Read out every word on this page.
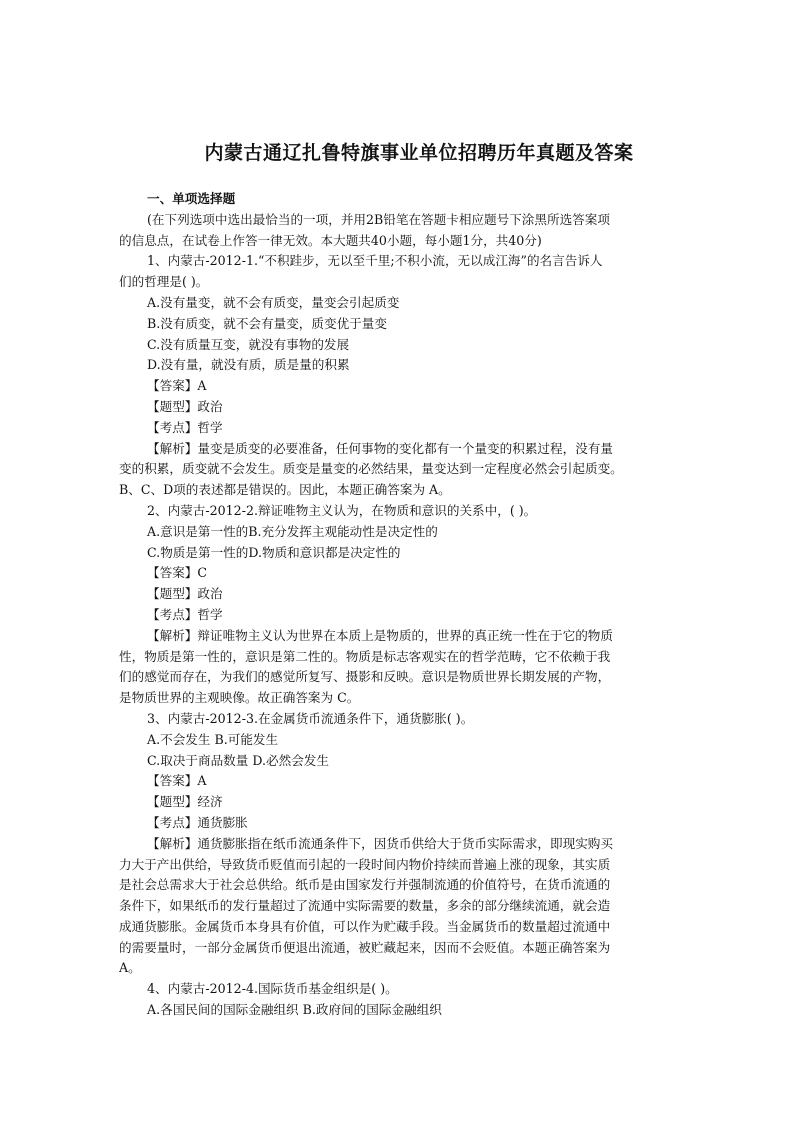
内蒙古通辽扎鲁特旗事业单位招聘历年真题及答案
一、单项选择题
(在下列选项中选出最恰当的一项，并用2B铅笔在答题卡相应题号下涂黑所选答案项
的信息点，在试卷上作答一律无效。本大题共40小题，每小题1分，共40分)
1、内蒙古-2012-1.“不积跬步，无以至千里;不积小流，无以成江海”的名言告诉人
们的哲理是( )。
A.没有量变，就不会有质变，量变会引起质变
B.没有质变，就不会有量变，质变优于量变
C.没有质量互变，就没有事物的发展
D.没有量，就没有质，质是量的积累
【答案】A
【题型】政治
【考点】哲学
【解析】量变是质变的必要准备，任何事物的变化都有一个量变的积累过程，没有量
变的积累，质变就不会发生。质变是量变的必然结果，量变达到一定程度必然会引起质变。
B、C、D项的表述都是错误的。因此，本题正确答案为 A。
2、内蒙古-2012-2.辩证唯物主义认为，在物质和意识的关系中，( )。
A.意识是第一性的B.充分发挥主观能动性是决定性的
C.物质是第一性的D.物质和意识都是决定性的
【答案】C
【题型】政治
【考点】哲学
【解析】辩证唯物主义认为世界在本质上是物质的，世界的真正统一性在于它的物质
性，物质是第一性的，意识是第二性的。物质是标志客观实在的哲学范畴，它不依赖于我
们的感觉而存在，为我们的感觉所复写、摄影和反映。意识是物质世界长期发展的产物，
是物质世界的主观映像。故正确答案为 C。
3、内蒙古-2012-3.在金属货币流通条件下，通货膨胀( )。
A.不会发生 B.可能发生
C.取决于商品数量 D.必然会发生
【答案】A
【题型】经济
【考点】通货膨胀
【解析】通货膨胀指在纸币流通条件下，因货币供给大于货币实际需求，即现实购买
力大于产出供给，导致货币贬值而引起的一段时间内物价持续而普遍上涨的现象，其实质
是社会总需求大于社会总供给。纸币是由国家发行并强制流通的价值符号，在货币流通的
条件下，如果纸币的发行量超过了流通中实际需要的数量，多余的部分继续流通，就会造
成通货膨胀。金属货币本身具有价值，可以作为贮藏手段。当金属货币的数量超过流通中
的需要量时，一部分金属货币便退出流通，被贮藏起来，因而不会贬值。本题正确答案为
A。
4、内蒙古-2012-4.国际货币基金组织是( )。
A.各国民间的国际金融组织 B.政府间的国际金融组织
